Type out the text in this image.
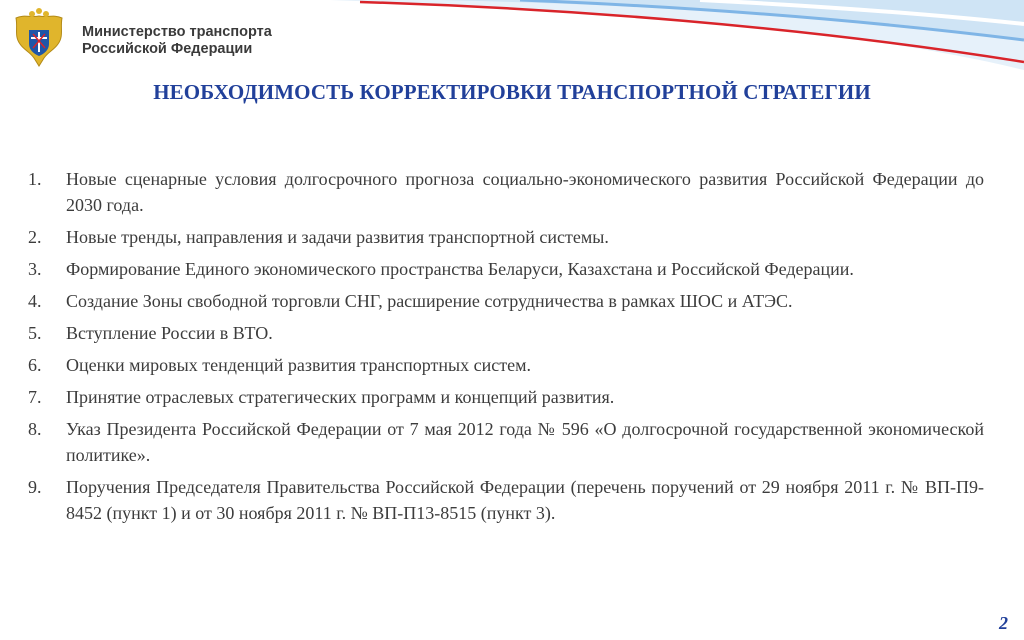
Министерство транспорта
Российской Федерации
НЕОБХОДИМОСТЬ КОРРЕКТИРОВКИ ТРАНСПОРТНОЙ СТРАТЕГИИ
1.	Новые сценарные условия долгосрочного прогноза социально-экономического развития Российской Федерации до 2030 года.
2.	Новые тренды, направления и задачи развития транспортной системы.
3.	Формирование Единого экономического пространства Беларуси, Казахстана и Российской Федерации.
4.	Создание Зоны свободной торговли СНГ, расширение сотрудничества в рамках ШОС и АТЭС.
5.	Вступление России в ВТО.
6.	Оценки мировых тенденций развития транспортных систем.
7.	Принятие отраслевых стратегических программ и концепций развития.
8.	Указ Президента Российской Федерации от 7 мая 2012 года № 596 «О долгосрочной государственной экономической политике».
9.	Поручения Председателя Правительства Российской Федерации (перечень поручений от 29 ноября 2011 г. № ВП-П9-8452 (пункт 1) и от 30 ноября 2011 г. № ВП-П13-8515 (пункт 3).
2
